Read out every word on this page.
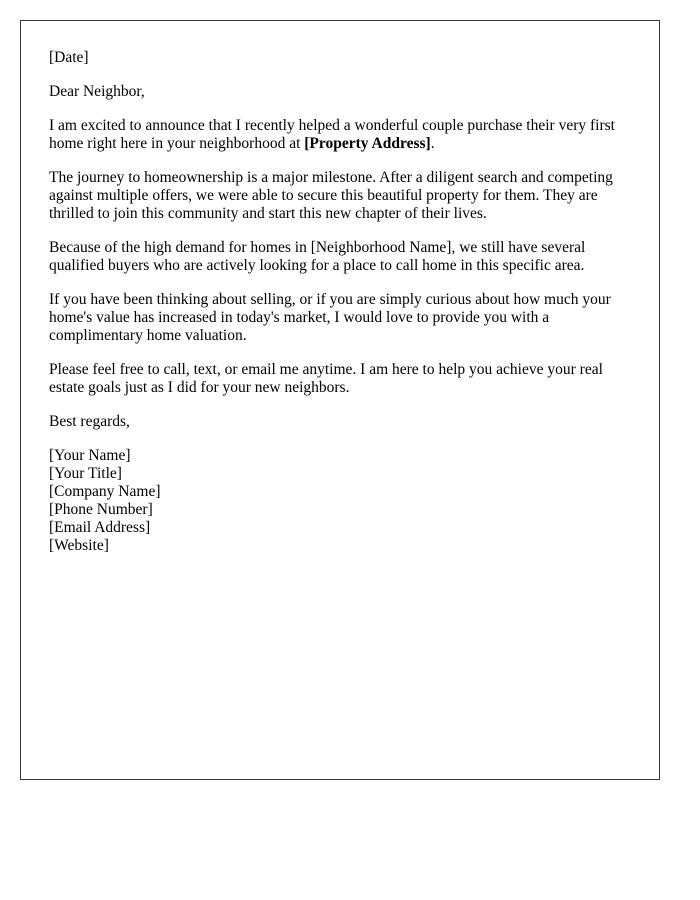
[Date]

Dear Neighbor,

I am excited to announce that I recently helped a wonderful couple purchase their very first home right here in your neighborhood at [Property Address].

The journey to homeownership is a major milestone. After a diligent search and competing against multiple offers, we were able to secure this beautiful property for them. They are thrilled to join this community and start this new chapter of their lives.

Because of the high demand for homes in [Neighborhood Name], we still have several qualified buyers who are actively looking for a place to call home in this specific area.

If you have been thinking about selling, or if you are simply curious about how much your home's value has increased in today's market, I would love to provide you with a complimentary home valuation.

Please feel free to call, text, or email me anytime. I am here to help you achieve your real estate goals just as I did for your new neighbors.

Best regards,

[Your Name]
[Your Title]
[Company Name]
[Phone Number]
[Email Address]
[Website]
